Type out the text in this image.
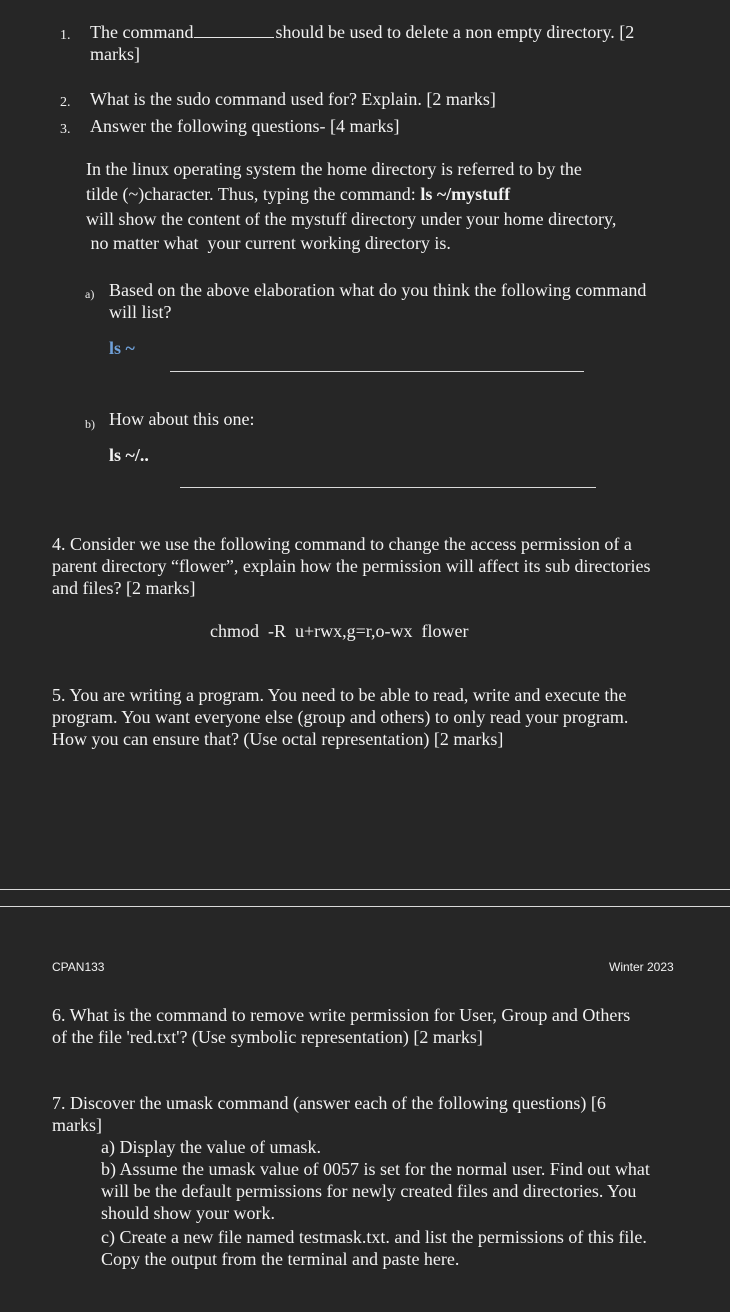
1. The command	should be used to delete a non empty directory. [2
marks]
2. What is the sudo command used for? Explain. [2 marks]
3. Answer the following questions- [4 marks]
In the linux operating system the home directory is referred to by the
tilde (~)character. Thus, typing the command: ls ~/mystuff
will show the content of the mystuff directory under your home directory,
no matter what  your current working directory is.
a) Based on the above elaboration what do you think the following command
will list?
ls ~
b) How about this one:
ls ~/..
4. Consider we use the following command to change the access permission of a
parent directory “flower”, explain how the permission will affect its sub directories
and files? [2 marks]
chmod  -R  u+rwx,g=r,o-wx  flower
5. You are writing a program. You need to be able to read, write and execute the
program. You want everyone else (group and others) to only read your program.
How you can ensure that? (Use octal representation) [2 marks]
CPAN133	Winter 2023
6. What is the command to remove write permission for User, Group and Others
of the file 'red.txt'? (Use symbolic representation) [2 marks]
7. Discover the umask command (answer each of the following questions) [6
marks]
a) Display the value of umask.
b) Assume the umask value of 0057 is set for the normal user. Find out what
will be the default permissions for newly created files and directories. You
should show your work.
c) Create a new file named testmask.txt. and list the permissions of this file.
Copy the output from the terminal and paste here.
